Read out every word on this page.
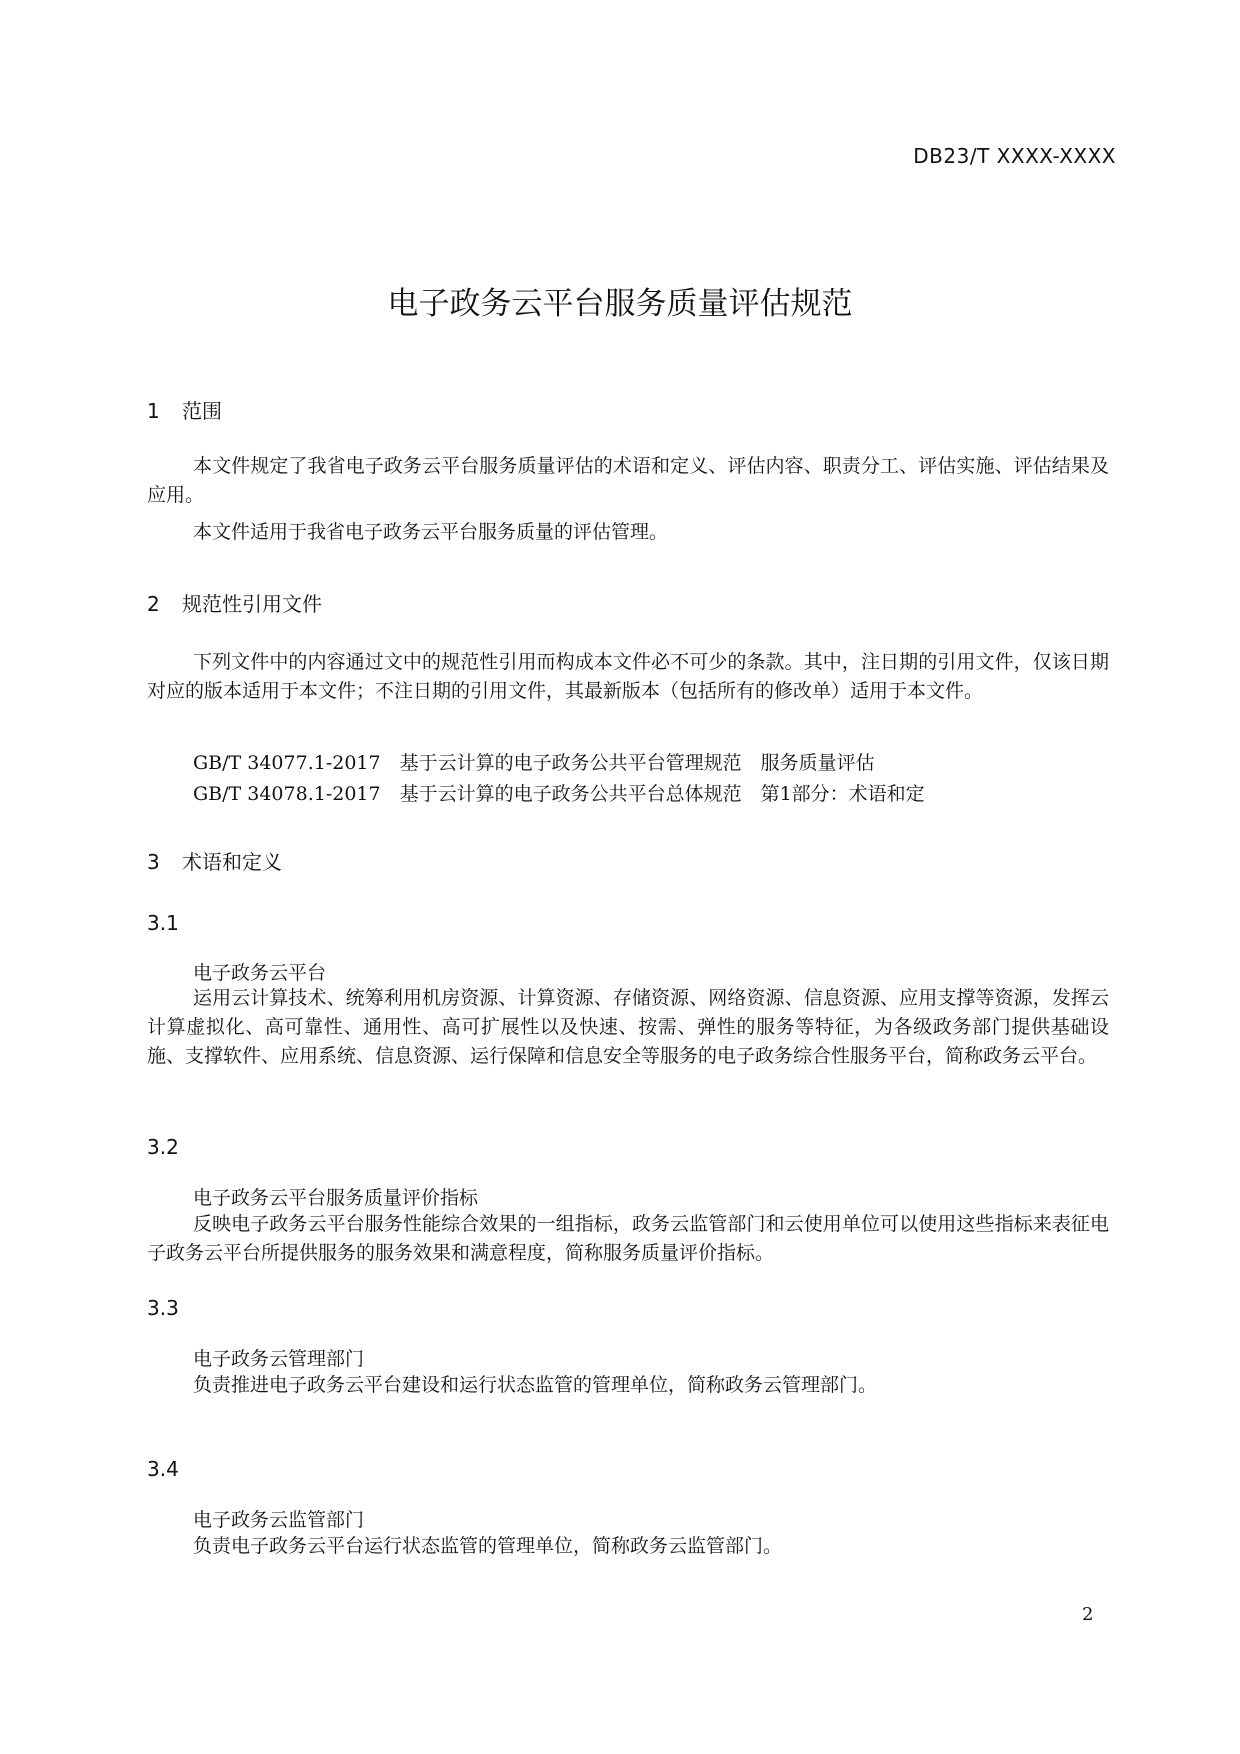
DB23/T XXXX-XXXX
电子政务云平台服务质量评估规范
1 范围

本文件规定了我省电子政务云平台服务质量评估的术语和定义、评估内容、职责分工、评估实施、评估结果及应用。

本文件适用于我省电子政务云平台服务质量的评估管理。

2 规范性引用文件

下列文件中的内容通过文中的规范性引用而构成本文件必不可少的条款。其中，注日期的引用文件，仅该日期对应的版本适用于本文件；不注日期的引用文件，其最新版本（包括所有的修改单）适用于本文件。

GB/T 34077.1-2017　基于云计算的电子政务公共平台管理规范　服务质量评估
GB/T 34078.1-2017　基于云计算的电子政务公共平台总体规范　第1部分：术语和定
3 术语和定义
3.1
电子政务云平台

运用云计算技术、统筹利用机房资源、计算资源、存储资源、网络资源、信息资源、应用支撑等资源，发挥云计算虚拟化、高可靠性、通用性、高可扩展性以及快速、按需、弹性的服务等特征，为各级政务部门提供基础设施、支撑软件、应用系统、信息资源、运行保障和信息安全等服务的电子政务综合性服务平台，简称政务云平台。

3.2
电子政务云平台服务质量评价指标

反映电子政务云平台服务性能综合效果的一组指标，政务云监管部门和云使用单位可以使用这些指标来表征电子政务云平台所提供服务的服务效果和满意程度，简称服务质量评价指标。

3.3
电子政务云管理部门

负责推进电子政务云平台建设和运行状态监管的管理单位，简称政务云管理部门。

3.4
电子政务云监管部门

负责电子政务云平台运行状态监管的管理单位，简称政务云监管部门。

2
